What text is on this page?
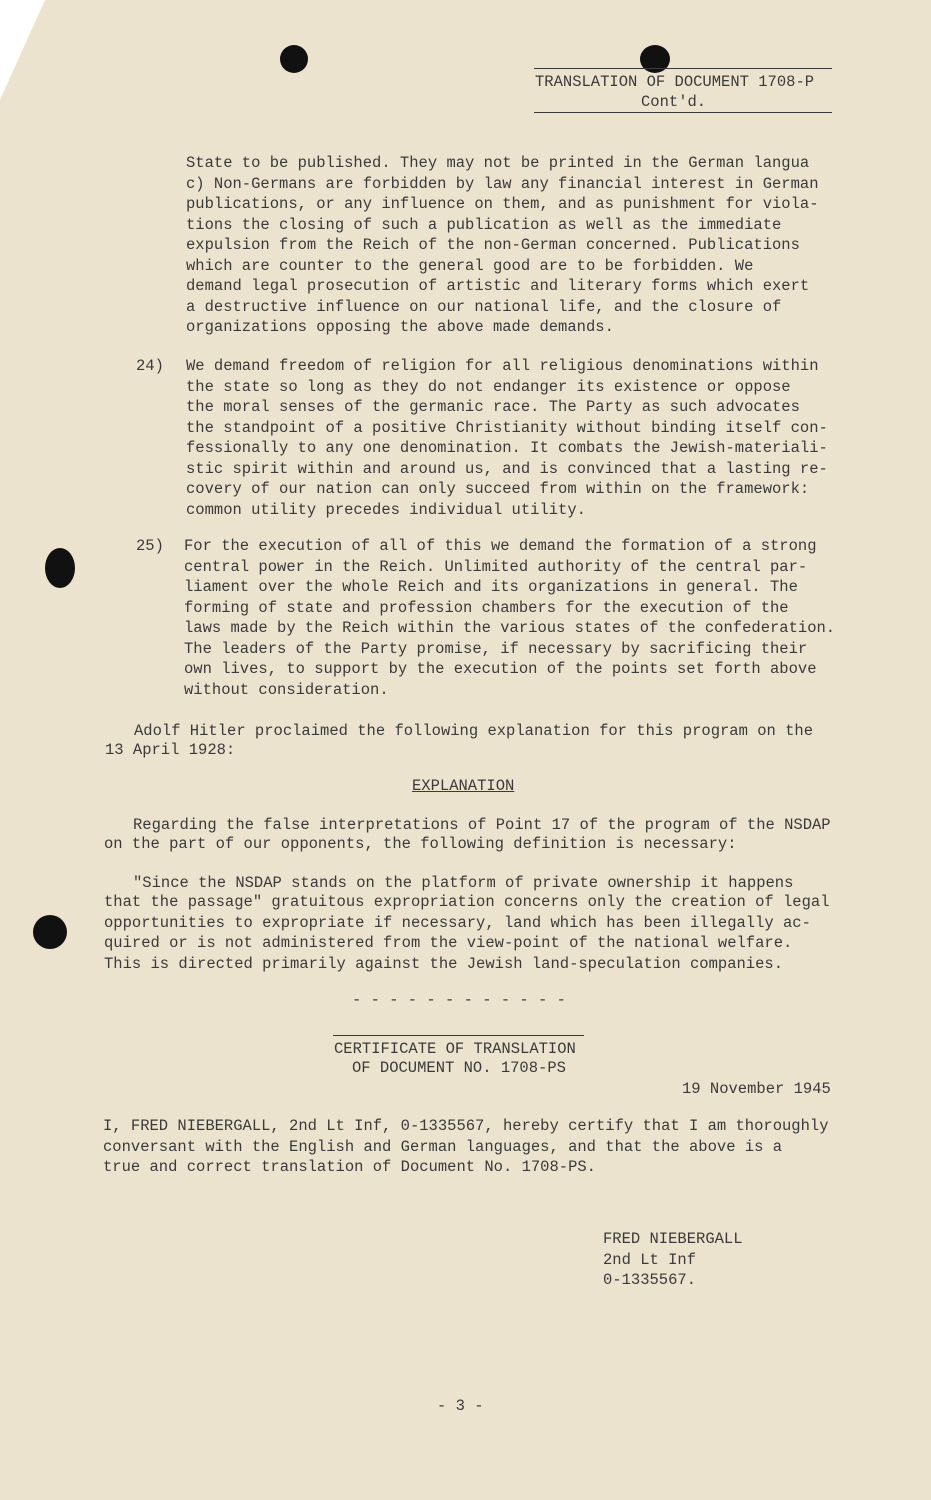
TRANSLATION OF DOCUMENT 1708-P
Cont'd.
State to be published. They may not be printed in the German langua
c) Non-Germans are forbidden by law any financial interest in German
publications, or any influence on them, and as punishment for viola-
tions the closing of such a publication as well as the immediate
expulsion from the Reich of the non-German concerned. Publications
which are counter to the general good are to be forbidden. We
demand legal prosecution of artistic and literary forms which exert
a destructive influence on our national life, and the closure of
organizations opposing the above made demands.
24) We demand freedom of religion for all religious denominations within
the state so long as they do not endanger its existence or oppose
the moral senses of the germanic race. The Party as such advocates
the standpoint of a positive Christianity without binding itself con-
fessionally to any one denomination. It combats the Jewish-materiali-
stic spirit within and around us, and is convinced that a lasting re-
covery of our nation can only succeed from within on the framework:
common utility precedes individual utility.
25) For the execution of all of this we demand the formation of a strong
central power in the Reich. Unlimited authority of the central par-
liament over the whole Reich and its organizations in general. The
forming of state and profession chambers for the execution of the
laws made by the Reich within the various states of the confederation.
The leaders of the Party promise, if necessary by sacrificing their
own lives, to support by the execution of the points set forth above
without consideration.
Adolf Hitler proclaimed the following explanation for this program on the
13 April 1928:
EXPLANATION
Regarding the false interpretations of Point 17 of the program of the NSDAP
on the part of our opponents, the following definition is necessary:
"Since the NSDAP stands on the platform of private ownership it happens
that the passage" gratuitous expropriation concerns only the creation of legal
opportunities to expropriate if necessary, land which has been illegally ac-
quired or is not administered from the view-point of the national welfare.
This is directed primarily against the Jewish land-speculation companies.
- - - - - - - - - - - -
CERTIFICATE OF TRANSLATION
OF DOCUMENT NO. 1708-PS
19 November 1945
I, FRED NIEBERGALL, 2nd Lt Inf, 0-1335567, hereby certify that I am thoroughly
conversant with the English and German languages, and that the above is a
true and correct translation of Document No. 1708-PS.
FRED NIEBERGALL
2nd Lt Inf
0-1335567.
- 3 -
